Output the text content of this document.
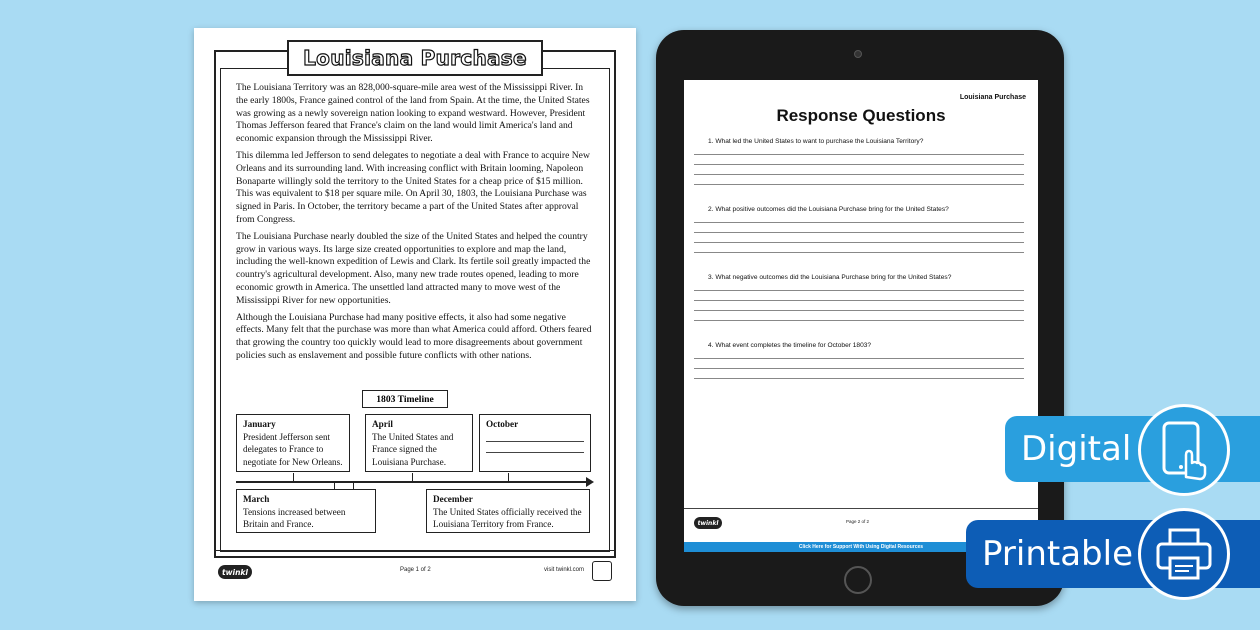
Louisiana Purchase

The Louisiana Territory was an 828,000-square-mile area west of the Mississippi River. In the early 1800s, France gained control of the land from Spain. At the time, the United States was growing as a newly sovereign nation looking to expand westward. However, President Thomas Jefferson feared that France's claim on the land would limit America's land and economic expansion through the Mississippi River.

This dilemma led Jefferson to send delegates to negotiate a deal with France to acquire New Orleans and its surrounding land. With increasing conflict with Britain looming, Napoleon Bonaparte willingly sold the territory to the United States for a cheap price of $15 million. This was equivalent to $18 per square mile. On April 30, 1803, the Louisiana Purchase was signed in Paris. In October, the territory became a part of the United States after approval from Congress.

The Louisiana Purchase nearly doubled the size of the United States and helped the country grow in various ways. Its large size created opportunities to explore and map the land, including the well-known expedition of Lewis and Clark. Its fertile soil greatly impacted the country's agricultural development. Also, many new trade routes opened, leading to more economic growth in America. The unsettled land attracted many to move west of the Mississippi River for new opportunities.

Although the Louisiana Purchase had many positive effects, it also had some negative effects. Many felt that the purchase was more than what America could afford. Others feared that growing the country too quickly would lead to more disagreements about government policies such as enslavement and possible future conflicts with other nations.

1803 Timeline
January
President Jefferson sent delegates to France to negotiate for New Orleans.
April
The United States and France signed the Louisiana Purchase.
October
March
Tensions increased between Britain and France.
December
The United States officially received the Louisiana Territory from France.
twinkl	Page 1 of 2	visit twinkl.com
Louisiana Purchase
Response Questions
1. What led the United States to want to purchase the Louisiana Territory?
2. What positive outcomes did the Louisiana Purchase bring for the United States?
3. What negative outcomes did the Louisiana Purchase bring for the United States?
4. What event completes the timeline for October 1803?
twinkl	Page 2 of 2
Click Here for Support With Using Digital Resources
Digital
Printable
